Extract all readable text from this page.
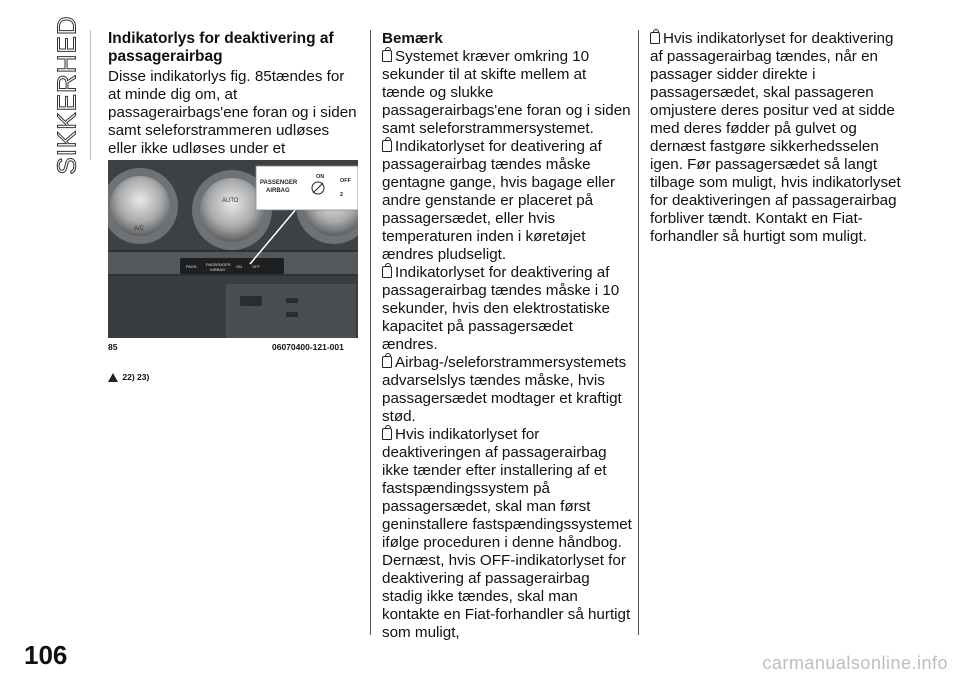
SIKKERHED Indikatorlys for deaktivering af passagerairbag

Disse indikatorlys fig. 85tændes for at minde dig om, at passagerairbags'ene foran og i siden samt seleforstrammeren udløses eller ikke udløses under et

A/C
AUTO
PASS. PASSENGER
AIRBAG
ON	OFF
PASSENGER
AIRBAG
ON
OFF
2
85	06070400-121-001
22) 23)
Bemærk

Systemet kræver omkring 10 sekunder til at skifte mellem at tænde og slukke passagerairbags'ene foran og i siden samt seleforstrammersystemet.

Indikatorlyset for deativering af passagerairbag tændes måske gentagne gange, hvis bagage eller andre genstande er placeret på passagersædet, eller hvis temperaturen inden i køretøjet ændres pludseligt.

Indikatorlyset for deaktivering af passagerairbag tændes måske i 10 sekunder, hvis den elektrostatiske kapacitet på passagersædet ændres.

Airbag-/seleforstrammersystemets advarselslys tændes måske, hvis passagersædet modtager et kraftigt stød.

Hvis indikatorlyset for deaktiveringen af passagerairbag ikke tænder efter installering af et fastspændingssystem på passagersædet, skal man først geninstallere fastspændingssystemet ifølge proceduren i denne håndbog. Dernæst, hvis OFF-indikatorlyset for deaktivering af passagerairbag stadig ikke tændes, skal man kontakte en Fiat-forhandler så hurtigt som muligt,

Hvis indikatorlyset for deaktivering af passagerairbag tændes, når en passager sidder direkte i passagersædet, skal passageren omjustere deres positur ved at sidde med deres fødder på gulvet og dernæst fastgøre sikkerhedsselen igen. Før passagersædet så langt tilbage som muligt, hvis indikatorlyset for deaktiveringen af passagerairbag forbliver tændt. Kontakt en Fiat-forhandler så hurtigt som muligt.

106	carmanualsonline.info
